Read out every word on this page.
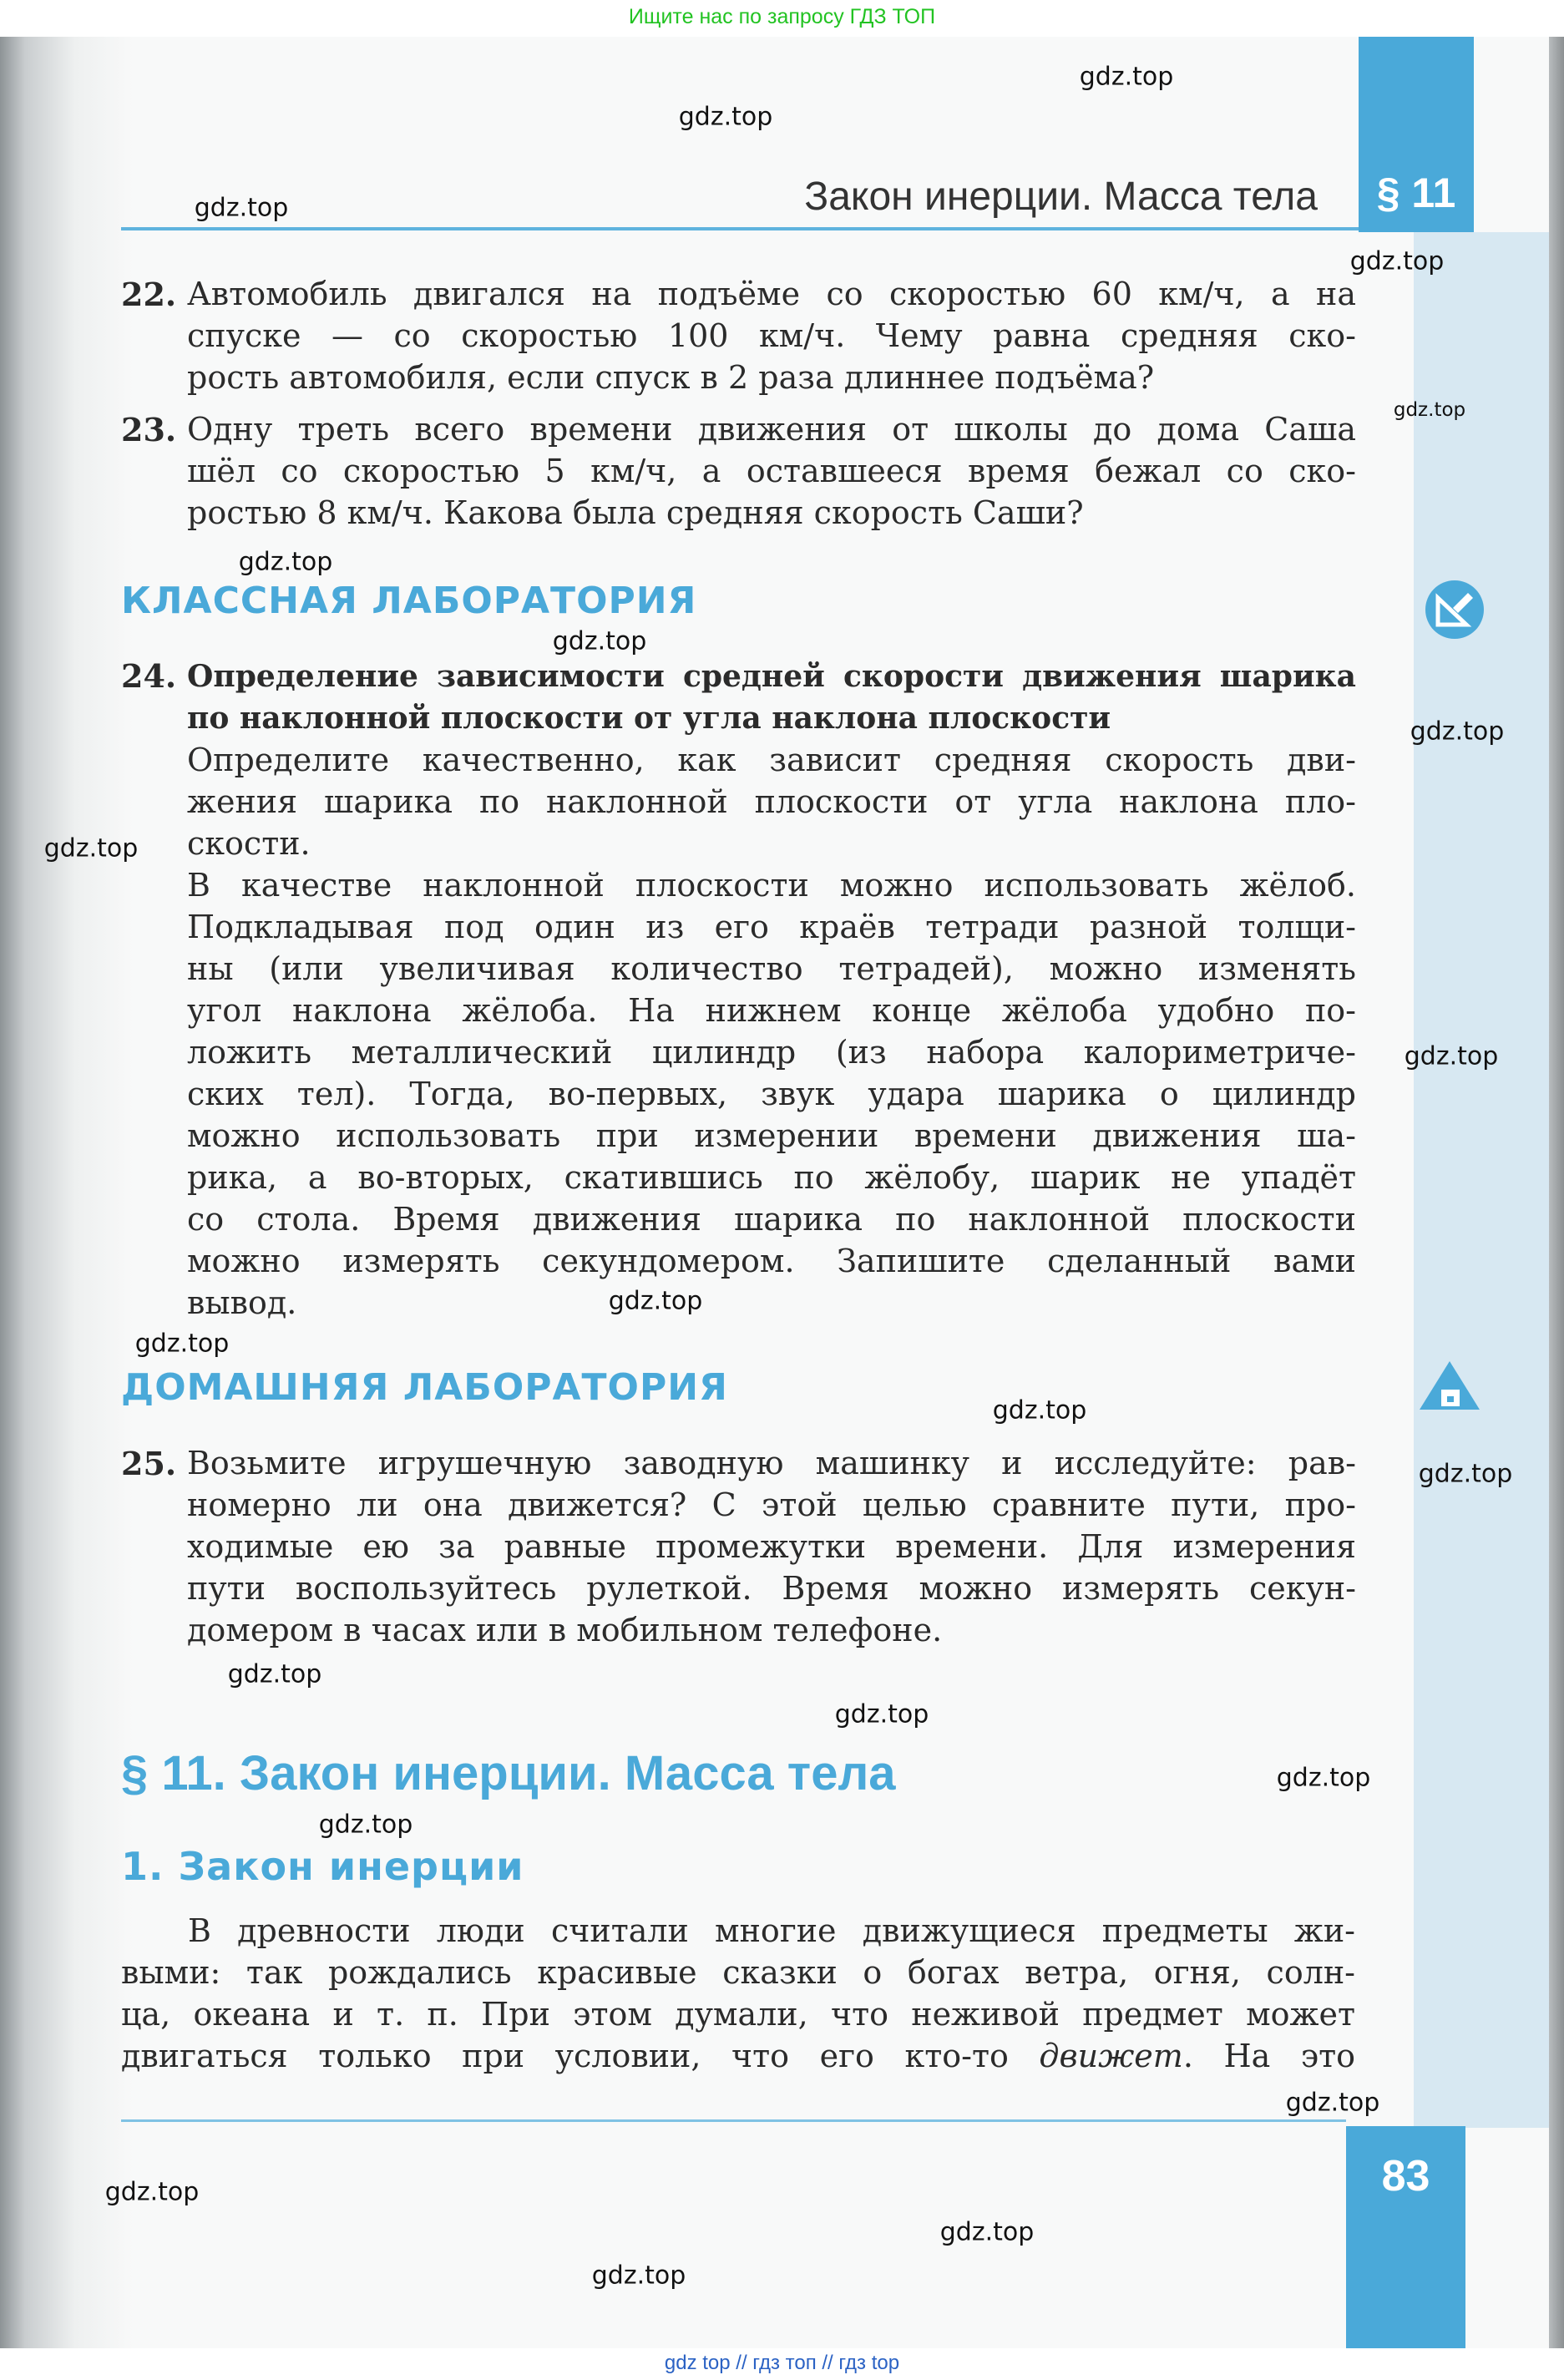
Ищите нас по запросу ГДЗ ТОП
§ 11
Закон инерции. Масса тела
22. Автомобиль двигался на подъёме со скоростью 60 км/ч, а на
спуске — со скоростью 100 км/ч. Чему равна средняя ско-
рость автомобиля, если спуск в 2 раза длиннее подъёма?
23. Одну треть всего времени движения от школы до дома Саша
шёл со скоростью 5 км/ч, а оставшееся время бежал со ско-
ростью 8 км/ч. Какова была средняя скорость Саши?
КЛАССНАЯ ЛАБОРАТОРИЯ
24. Определение зависимости средней скорости движения шарика
по наклонной плоскости от угла наклона плоскости
Определите качественно, как зависит средняя скорость дви-
жения шарика по наклонной плоскости от угла наклона пло-
скости.
В качестве наклонной плоскости можно использовать жёлоб.
Подкладывая под один из его краёв тетради разной толщи-
ны (или увеличивая количество тетрадей), можно изменять
угол наклона жёлоба. На нижнем конце жёлоба удобно по-
ложить металлический цилиндр (из набора калориметриче-
ских тел). Тогда, во-первых, звук удара шарика о цилиндр
можно использовать при измерении времени движения ша-
рика, а во-вторых, скатившись по жёлобу, шарик не упадёт
со стола. Время движения шарика по наклонной плоскости
можно измерять секундомером. Запишите сделанный вами
вывод.
ДОМАШНЯЯ ЛАБОРАТОРИЯ
25. Возьмите игрушечную заводную машинку и исследуйте: рав-
номерно ли она движется? С этой целью сравните пути, про-
ходимые ею за равные промежутки времени. Для измерения
пути воспользуйтесь рулеткой. Время можно измерять секун-
домером в часах или в мобильном телефоне.
§ 11. Закон инерции. Масса тела
1. Закон инерции
В древности люди считали многие движущиеся предметы жи-
выми: так рождались красивые сказки о богах ветра, огня, солн-
ца, океана и т. п. При этом думали, что неживой предмет может
двигаться только при условии, что его кто-то движет. На это
83
gdz.top
gdz.top
gdz.top
gdz.top
gdz.top
gdz.top
gdz.top
gdz.top
gdz.top
gdz.top
gdz.top
gdz.top
gdz.top
gdz.top
gdz.top
gdz.top
gdz.top
gdz.top
gdz.top
gdz.top
gdz.top
gdz.top
gdz top // гдз топ // гдз top
